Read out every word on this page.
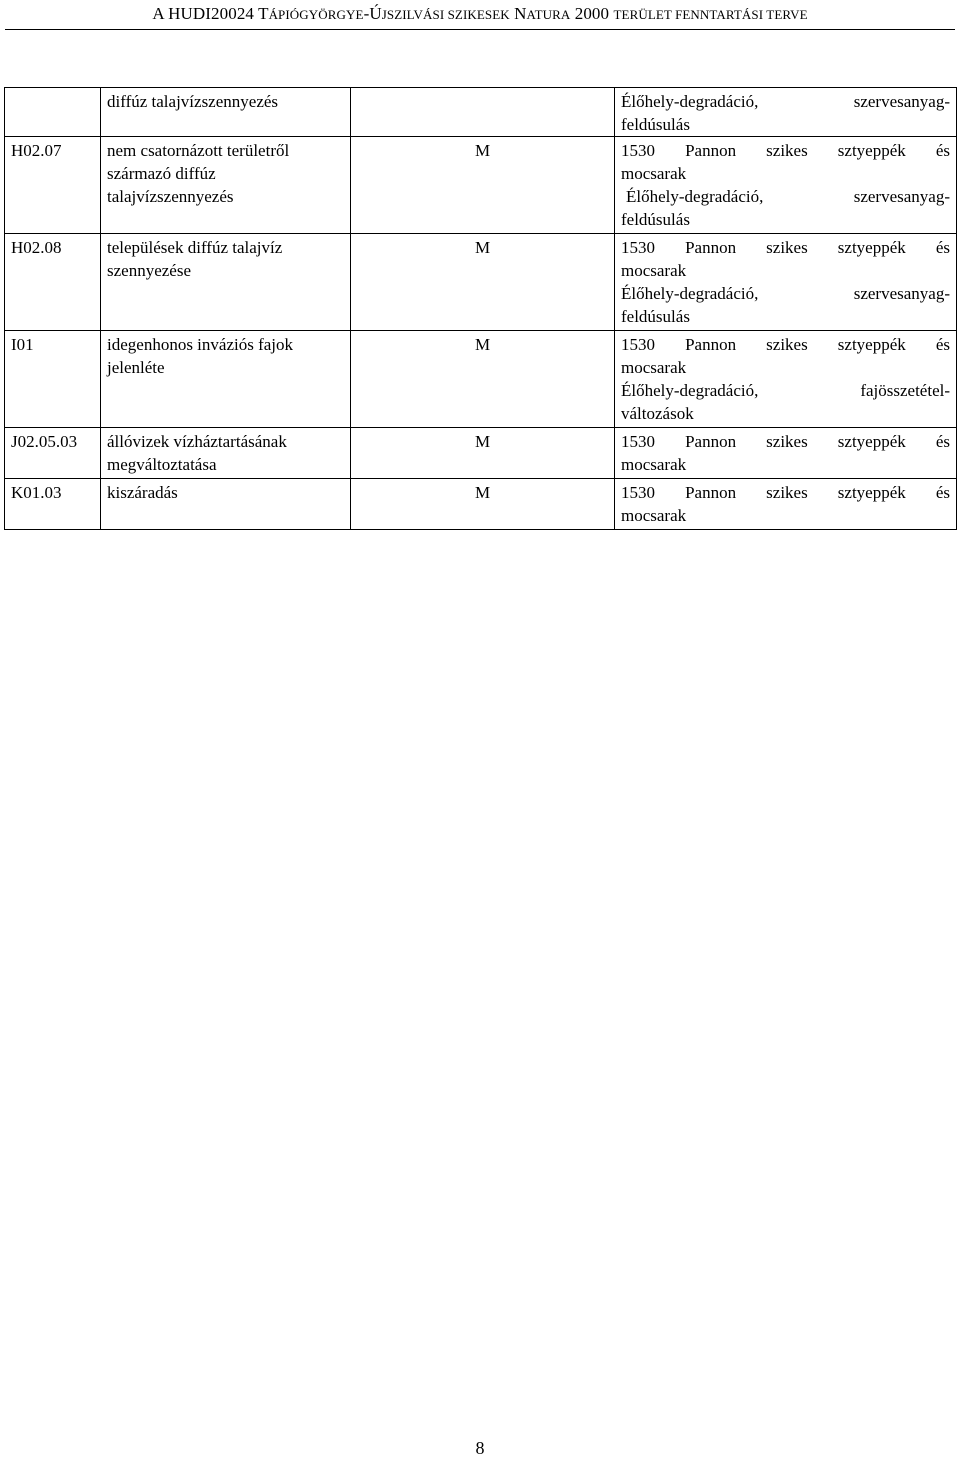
A HUDI20024 TÁPIÓGYÖRGYE-ÚJSZILVÁSI SZIKESEK NATURA 2000 TERÜLET FENNTARTÁSI TERVE
	diffúz talajvízszennyezés		Élőhely-degradáció, szervesanyag-
feldúsulás

H02.07	nem csatornázott területről származó diffúz talajvízszennyezés	M	1530 Pannon szikes sztyeppék és
mocsarak
Élőhely-degradáció, szervesanyag-
feldúsulás

H02.08	települések diffúz talajvíz szennyezése	M	1530 Pannon szikes sztyeppék és
mocsarak
Élőhely-degradáció, szervesanyag-
feldúsulás

I01	idegenhonos inváziós fajok jelenléte	M	1530 Pannon szikes sztyeppék és
mocsarak
Élőhely-degradáció, fajösszetétel-
változások

J02.05.03	állóvizek vízháztartásának megváltoztatása	M	1530 Pannon szikes sztyeppék és
mocsarak

K01.03	kiszáradás	M	1530 Pannon szikes sztyeppék és
mocsarak
8
